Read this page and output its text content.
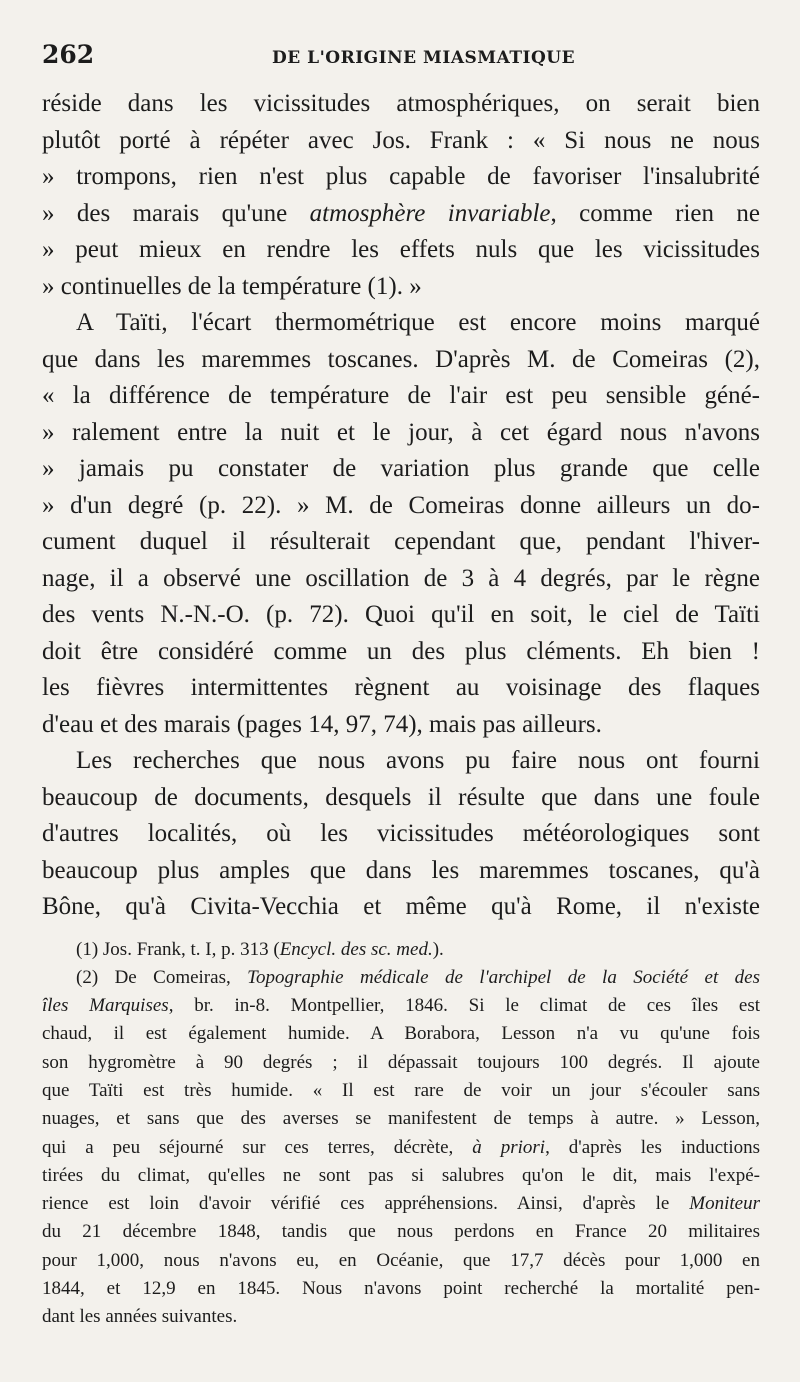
262	DE L'ORIGINE MIASMATIQUE
réside dans les vicissitudes atmosphériques, on serait bien
plutôt porté à répéter avec Jos. Frank : « Si nous ne nous
» trompons, rien n'est plus capable de favoriser l'insalubrité
» des marais qu'une atmosphère invariable, comme rien ne
» peut mieux en rendre les effets nuls que les vicissitudes
» continuelles de la température (1). »
A Taïti, l'écart thermométrique est encore moins marqué
que dans les maremmes toscanes. D'après M. de Comeiras (2),
« la différence de température de l'air est peu sensible géné-
» ralement entre la nuit et le jour, à cet égard nous n'avons
» jamais pu constater de variation plus grande que celle
» d'un degré (p. 22). » M. de Comeiras donne ailleurs un do-
cument duquel il résulterait cependant que, pendant l'hiver-
nage, il a observé une oscillation de 3 à 4 degrés, par le règne
des vents N.-N.-O. (p. 72). Quoi qu'il en soit, le ciel de Taïti
doit être considéré comme un des plus cléments. Eh bien !
les fièvres intermittentes règnent au voisinage des flaques
d'eau et des marais (pages 14, 97, 74), mais pas ailleurs.
Les recherches que nous avons pu faire nous ont fourni
beaucoup de documents, desquels il résulte que dans une foule
d'autres localités, où les vicissitudes météorologiques sont
beaucoup plus amples que dans les maremmes toscanes, qu'à
Bône, qu'à Civita-Vecchia et même qu'à Rome, il n'existe
(1) Jos. Frank, t. I, p. 313 (Encycl. des sc. med.).
(2) De Comeiras, Topographie médicale de l'archipel de la Société et des
îles Marquises, br. in-8. Montpellier, 1846. Si le climat de ces îles est
chaud, il est également humide. A Borabora, Lesson n'a vu qu'une fois
son hygromètre à 90 degrés ; il dépassait toujours 100 degrés. Il ajoute
que Taïti est très humide. « Il est rare de voir un jour s'écouler sans
nuages, et sans que des averses se manifestent de temps à autre. » Lesson,
qui a peu séjourné sur ces terres, décrète, à priori, d'après les inductions
tirées du climat, qu'elles ne sont pas si salubres qu'on le dit, mais l'expé-
rience est loin d'avoir vérifié ces appréhensions. Ainsi, d'après le Moniteur
du 21 décembre 1848, tandis que nous perdons en France 20 militaires
pour 1,000, nous n'avons eu, en Océanie, que 17,7 décès pour 1,000 en
1844, et 12,9 en 1845. Nous n'avons point recherché la mortalité pen-
dant les années suivantes.
